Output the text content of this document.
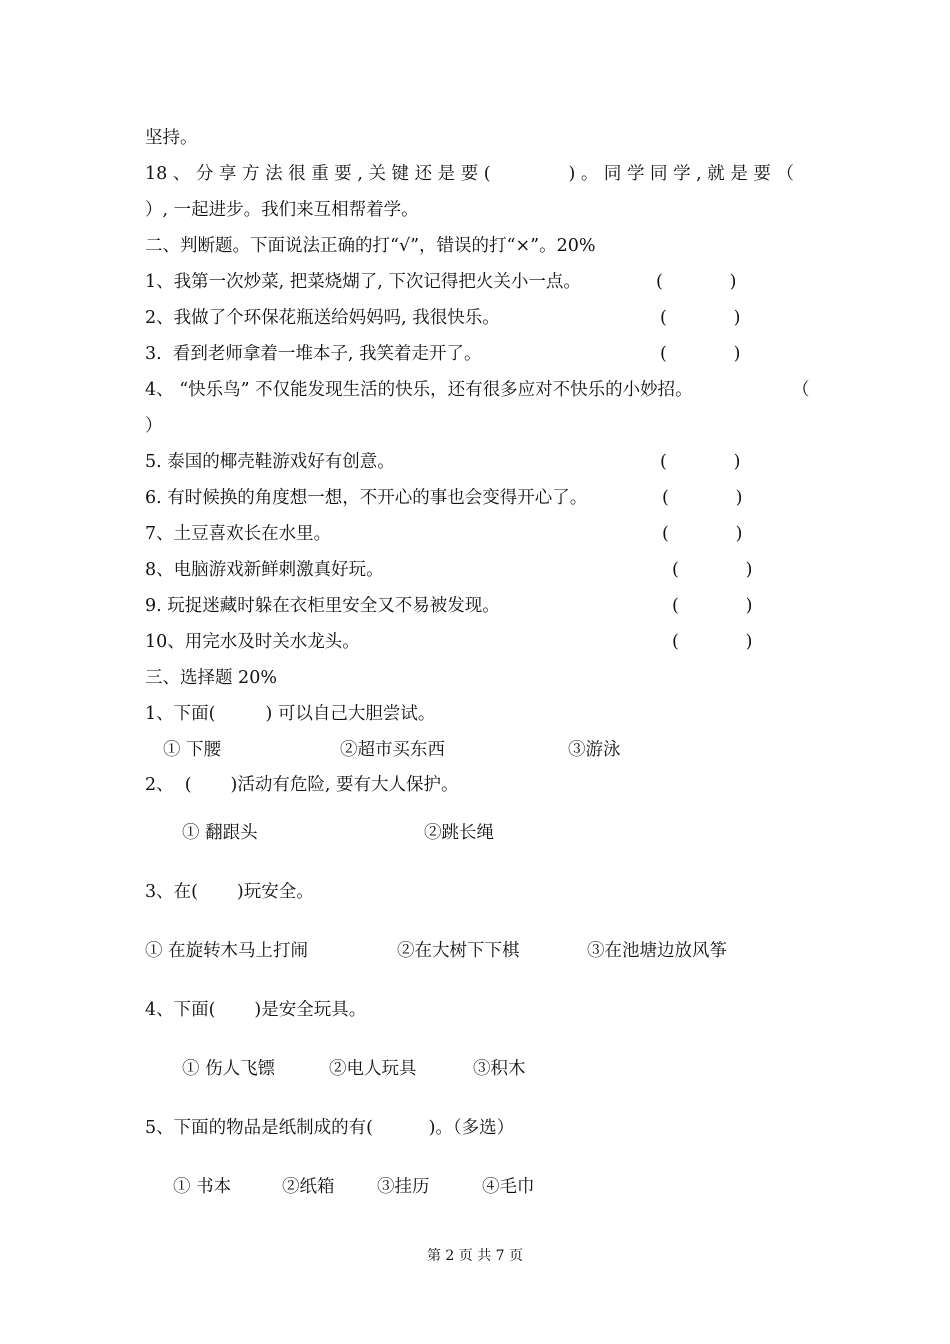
坚持。
18 、 分 享 方 法 很 重 要 , 关 键 还 是 要 (              ) 。 同 学 同 学 , 就 是 要 （
）, 一起进步。我们来互相帮着学。
二、判断题。下面说法正确的打“√”，错误的打“×”。20%
1、我第一次炒菜, 把菜烧煳了, 下次记得把火关小一点。	(            )
2、我做了个环保花瓶送给妈妈吗, 我很快乐。	(            )
3.  看到老师拿着一堆本子, 我笑着走开了。	(            )
4、 “快乐鸟” 不仅能发现生活的快乐，还有很多应对不快乐的小妙招。	（
）
5. 泰国的椰壳鞋游戏好有创意。	(            )
6. 有时候换的角度想一想，不开心的事也会变得开心了。	(            )
7、土豆喜欢长在水里。	(            )
8、电脑游戏新鲜刺激真好玩。	(            )
9. 玩捉迷藏时躲在衣柜里安全又不易被发现。	(            )
10、用完水及时关水龙头。	(            )
三、选择题 20%
1、下面(         ) 可以自己大胆尝试。
① 下腰	②超市买东西	③游泳
2、  (       )活动有危险, 要有大人保护。
① 翻跟头	②跳长绳
3、在(       )玩安全。
① 在旋转木马上打闹	②在大树下下棋	③在池塘边放风筝
4、下面(       )是安全玩具。
① 伤人飞镖	②电人玩具	③积木
5、下面的物品是纸制成的有(          )。（多选）
① 书本	②纸箱 ③挂历	④毛巾
第 2 页 共 7 页
